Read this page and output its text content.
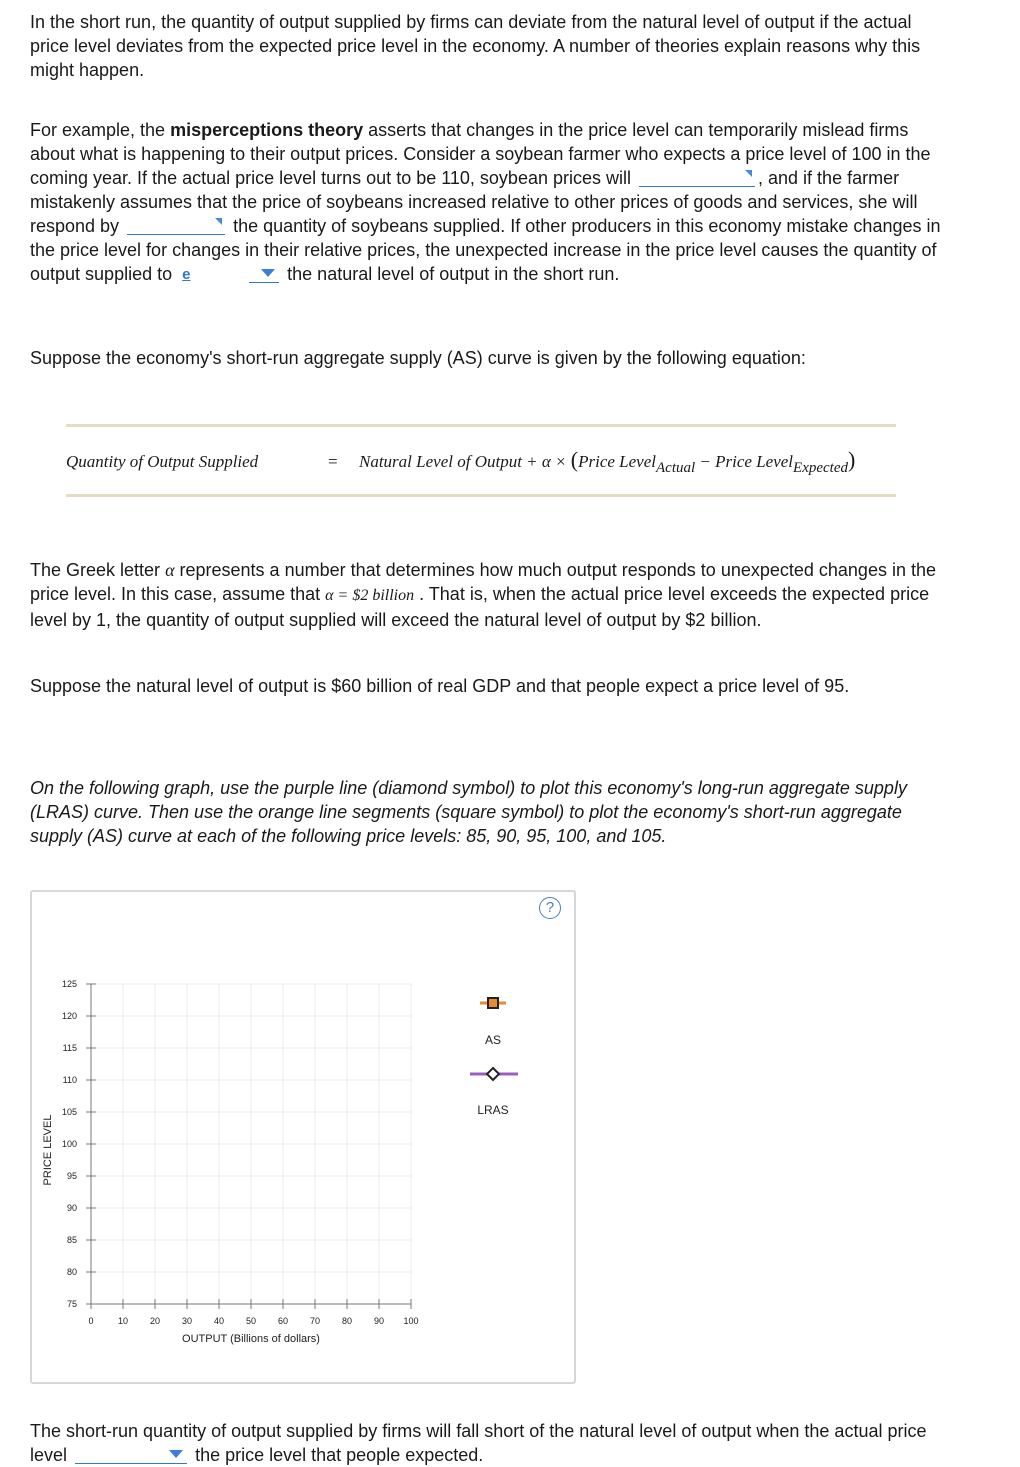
In the short run, the quantity of output supplied by firms can deviate from the natural level of output if the actual price level deviates from the expected price level in the economy. A number of theories explain reasons why this might happen.
For example, the misperceptions theory asserts that changes in the price level can temporarily mislead firms about what is happening to their output prices. Consider a soybean farmer who expects a price level of 100 in the coming year. If the actual price level turns out to be 110, soybean prices will	, and if the farmer mistakenly assumes that the price of soybeans increased relative to other prices of goods and services, she will respond by	the quantity of soybeans supplied. If other producers in this economy mistake changes in the price level for changes in their relative prices, the unexpected increase in the price level causes the quantity of output supplied to e	the natural level of output in the short run.
Suppose the economy's short-run aggregate supply (AS) curve is given by the following equation:
Quantity of Output Supplied	= Natural Level of Output + α × (Price LevelActual − Price LevelExpected)
The Greek letter α represents a number that determines how much output responds to unexpected changes in the price level. In this case, assume that α = $2 billion . That is, when the actual price level exceeds the expected price level by 1, the quantity of output supplied will exceed the natural level of output by $2 billion.
Suppose the natural level of output is $60 billion of real GDP and that people expect a price level of 95.
On the following graph, use the purple line (diamond symbol) to plot this economy's long-run aggregate supply (LRAS) curve. Then use the orange line segments (square symbol) to plot the economy's short-run aggregate supply (AS) curve at each of the following price levels: 85, 90, 95, 100, and 105.
?
0	10 20 30 40 50 60 70 80 90 100
125
120
115
110
105
100
95
90
85
80
75
PRICE LEVEL
OUTPUT (Billions of dollars)
AS
LRAS
The short-run quantity of output supplied by firms will fall short of the natural level of output when the actual price level	the price level that people expected.
